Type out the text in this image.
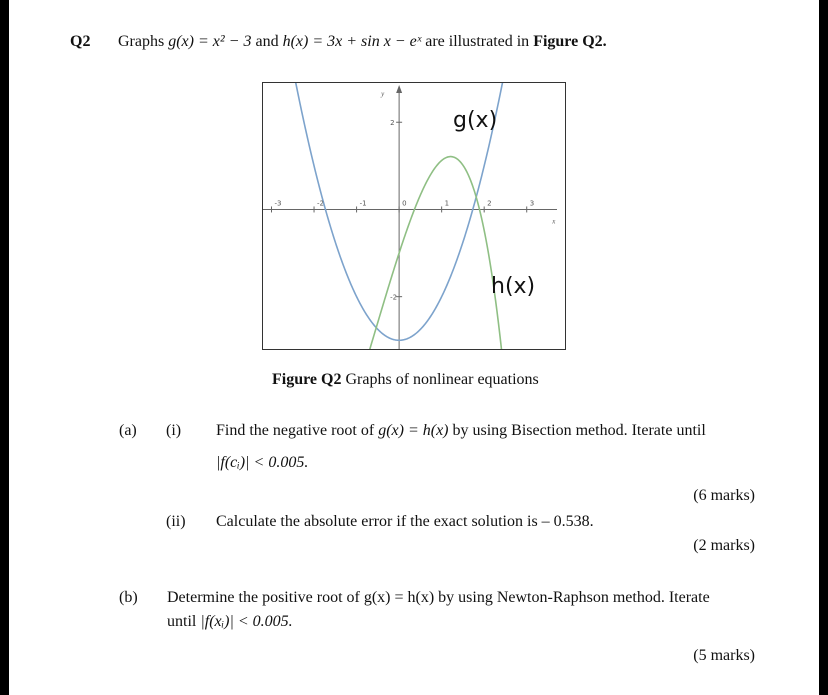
Q2 Graphs g(x) = x² − 3 and h(x) = 3x + sin x − eˣ are illustrated in Figure Q2.
-3	-2	-1	0	1	2	3
2
-2
x
y
g(x)
h(x)
Figure Q2 Graphs of nonlinear equations
(a) (i) Find the negative root of g(x) = h(x) by using Bisection method. Iterate until
|f(cᵢ)| < 0.005.
(6 marks)
(ii) Calculate the absolute error if the exact solution is – 0.538.
(2 marks)
(b) Determine the positive root of g(x) = h(x) by using Newton-Raphson method. Iterate
until |f(xᵢ)| < 0.005.
(5 marks)
